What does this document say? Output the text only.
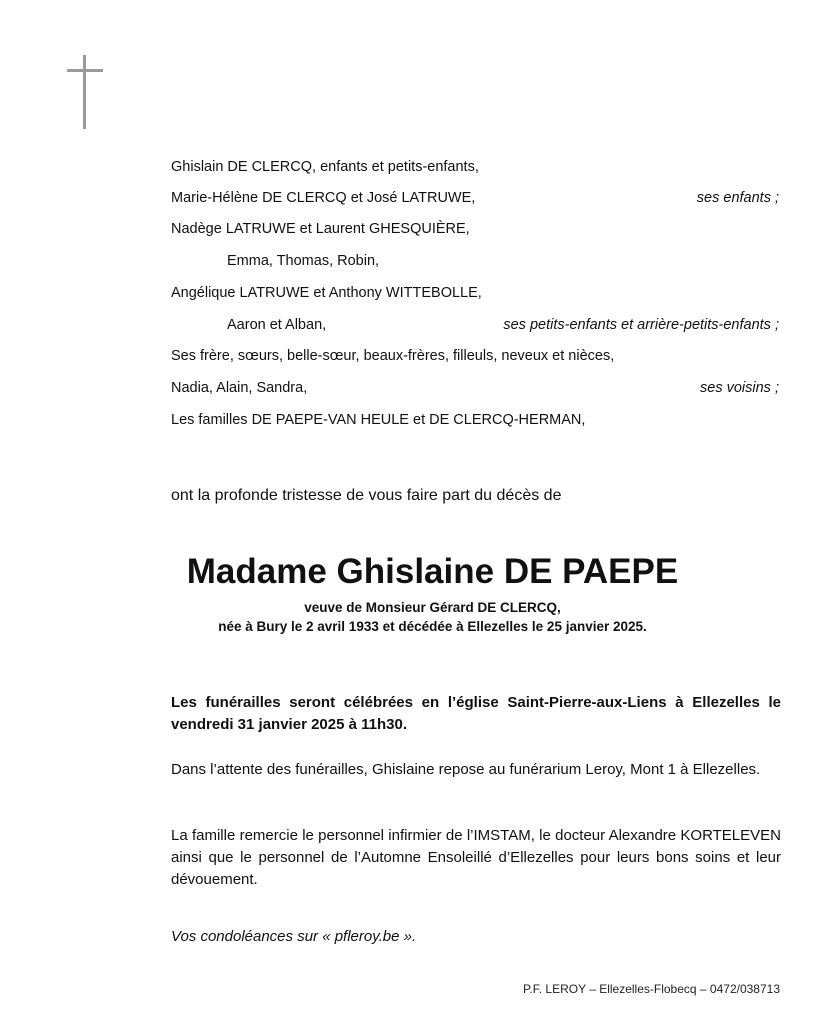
Ghislain DE CLERCQ, enfants et petits-enfants,
Marie-Hélène DE CLERCQ et José LATRUWE,	ses enfants ;
Nadège LATRUWE et Laurent GHESQUIÈRE,
Emma, Thomas, Robin,
Angélique LATRUWE et Anthony WITTEBOLLE,
Aaron et Alban,	ses petits-enfants et arrière-petits-enfants ;
Ses frère, sœurs, belle-sœur, beaux-frères, filleuls, neveux et nièces,
Nadia, Alain, Sandra,	ses voisins ;
Les familles DE PAEPE-VAN HEULE et DE CLERCQ-HERMAN,
ont la profonde tristesse de vous faire part du décès de
Madame Ghislaine DE PAEPE
veuve de Monsieur Gérard DE CLERCQ,
née à Bury le 2 avril 1933 et décédée à Ellezelles le 25 janvier 2025.
Les funérailles seront célébrées en l’église Saint-Pierre-aux-Liens à Ellezelles le vendredi 31 janvier 2025 à 11h30.
Dans l’attente des funérailles, Ghislaine repose au funérarium Leroy, Mont 1 à Ellezelles.
La famille remercie le personnel infirmier de l’IMSTAM, le docteur Alexandre KORTELEVEN ainsi que le personnel de l’Automne Ensoleillé d’Ellezelles pour leurs bons soins et leur dévouement.
Vos condoléances sur « pfleroy.be ».
P.F. LEROY – Ellezelles-Flobecq – 0472/038713
